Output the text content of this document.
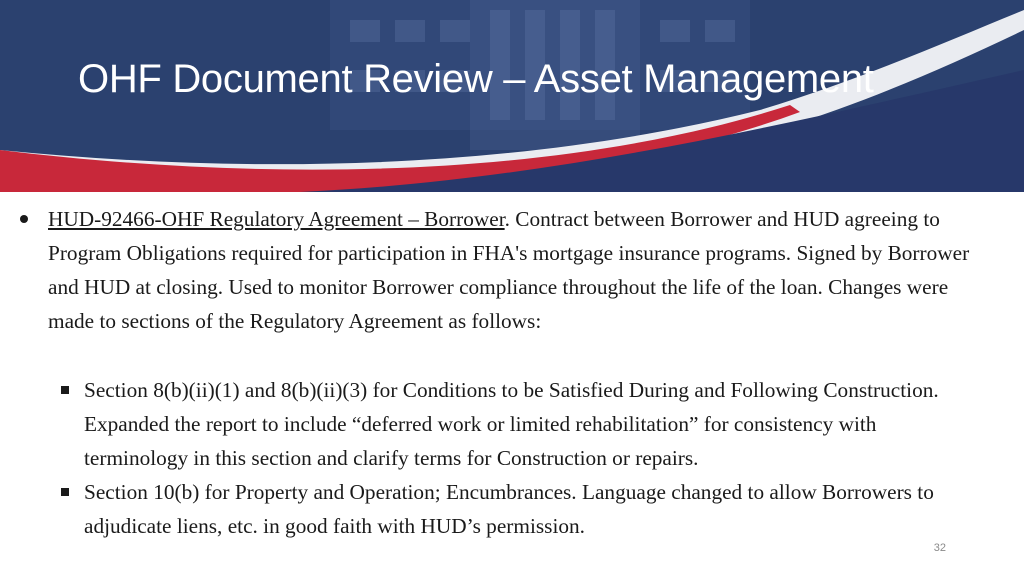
OHF Document Review – Asset Management
HUD-92466-OHF Regulatory Agreement – Borrower. Contract between Borrower and HUD agreeing to Program Obligations required for participation in FHA's mortgage insurance programs. Signed by Borrower and HUD at closing. Used to monitor Borrower compliance throughout the life of the loan. Changes were made to sections of the Regulatory Agreement as follows:
Section 8(b)(ii)(1) and 8(b)(ii)(3) for Conditions to be Satisfied During and Following Construction. Expanded the report to include “deferred work or limited rehabilitation” for consistency with terminology in this section and clarify terms for Construction or repairs.
Section 10(b) for Property and Operation; Encumbrances. Language changed to allow Borrowers to adjudicate liens, etc. in good faith with HUD’s permission.
32
